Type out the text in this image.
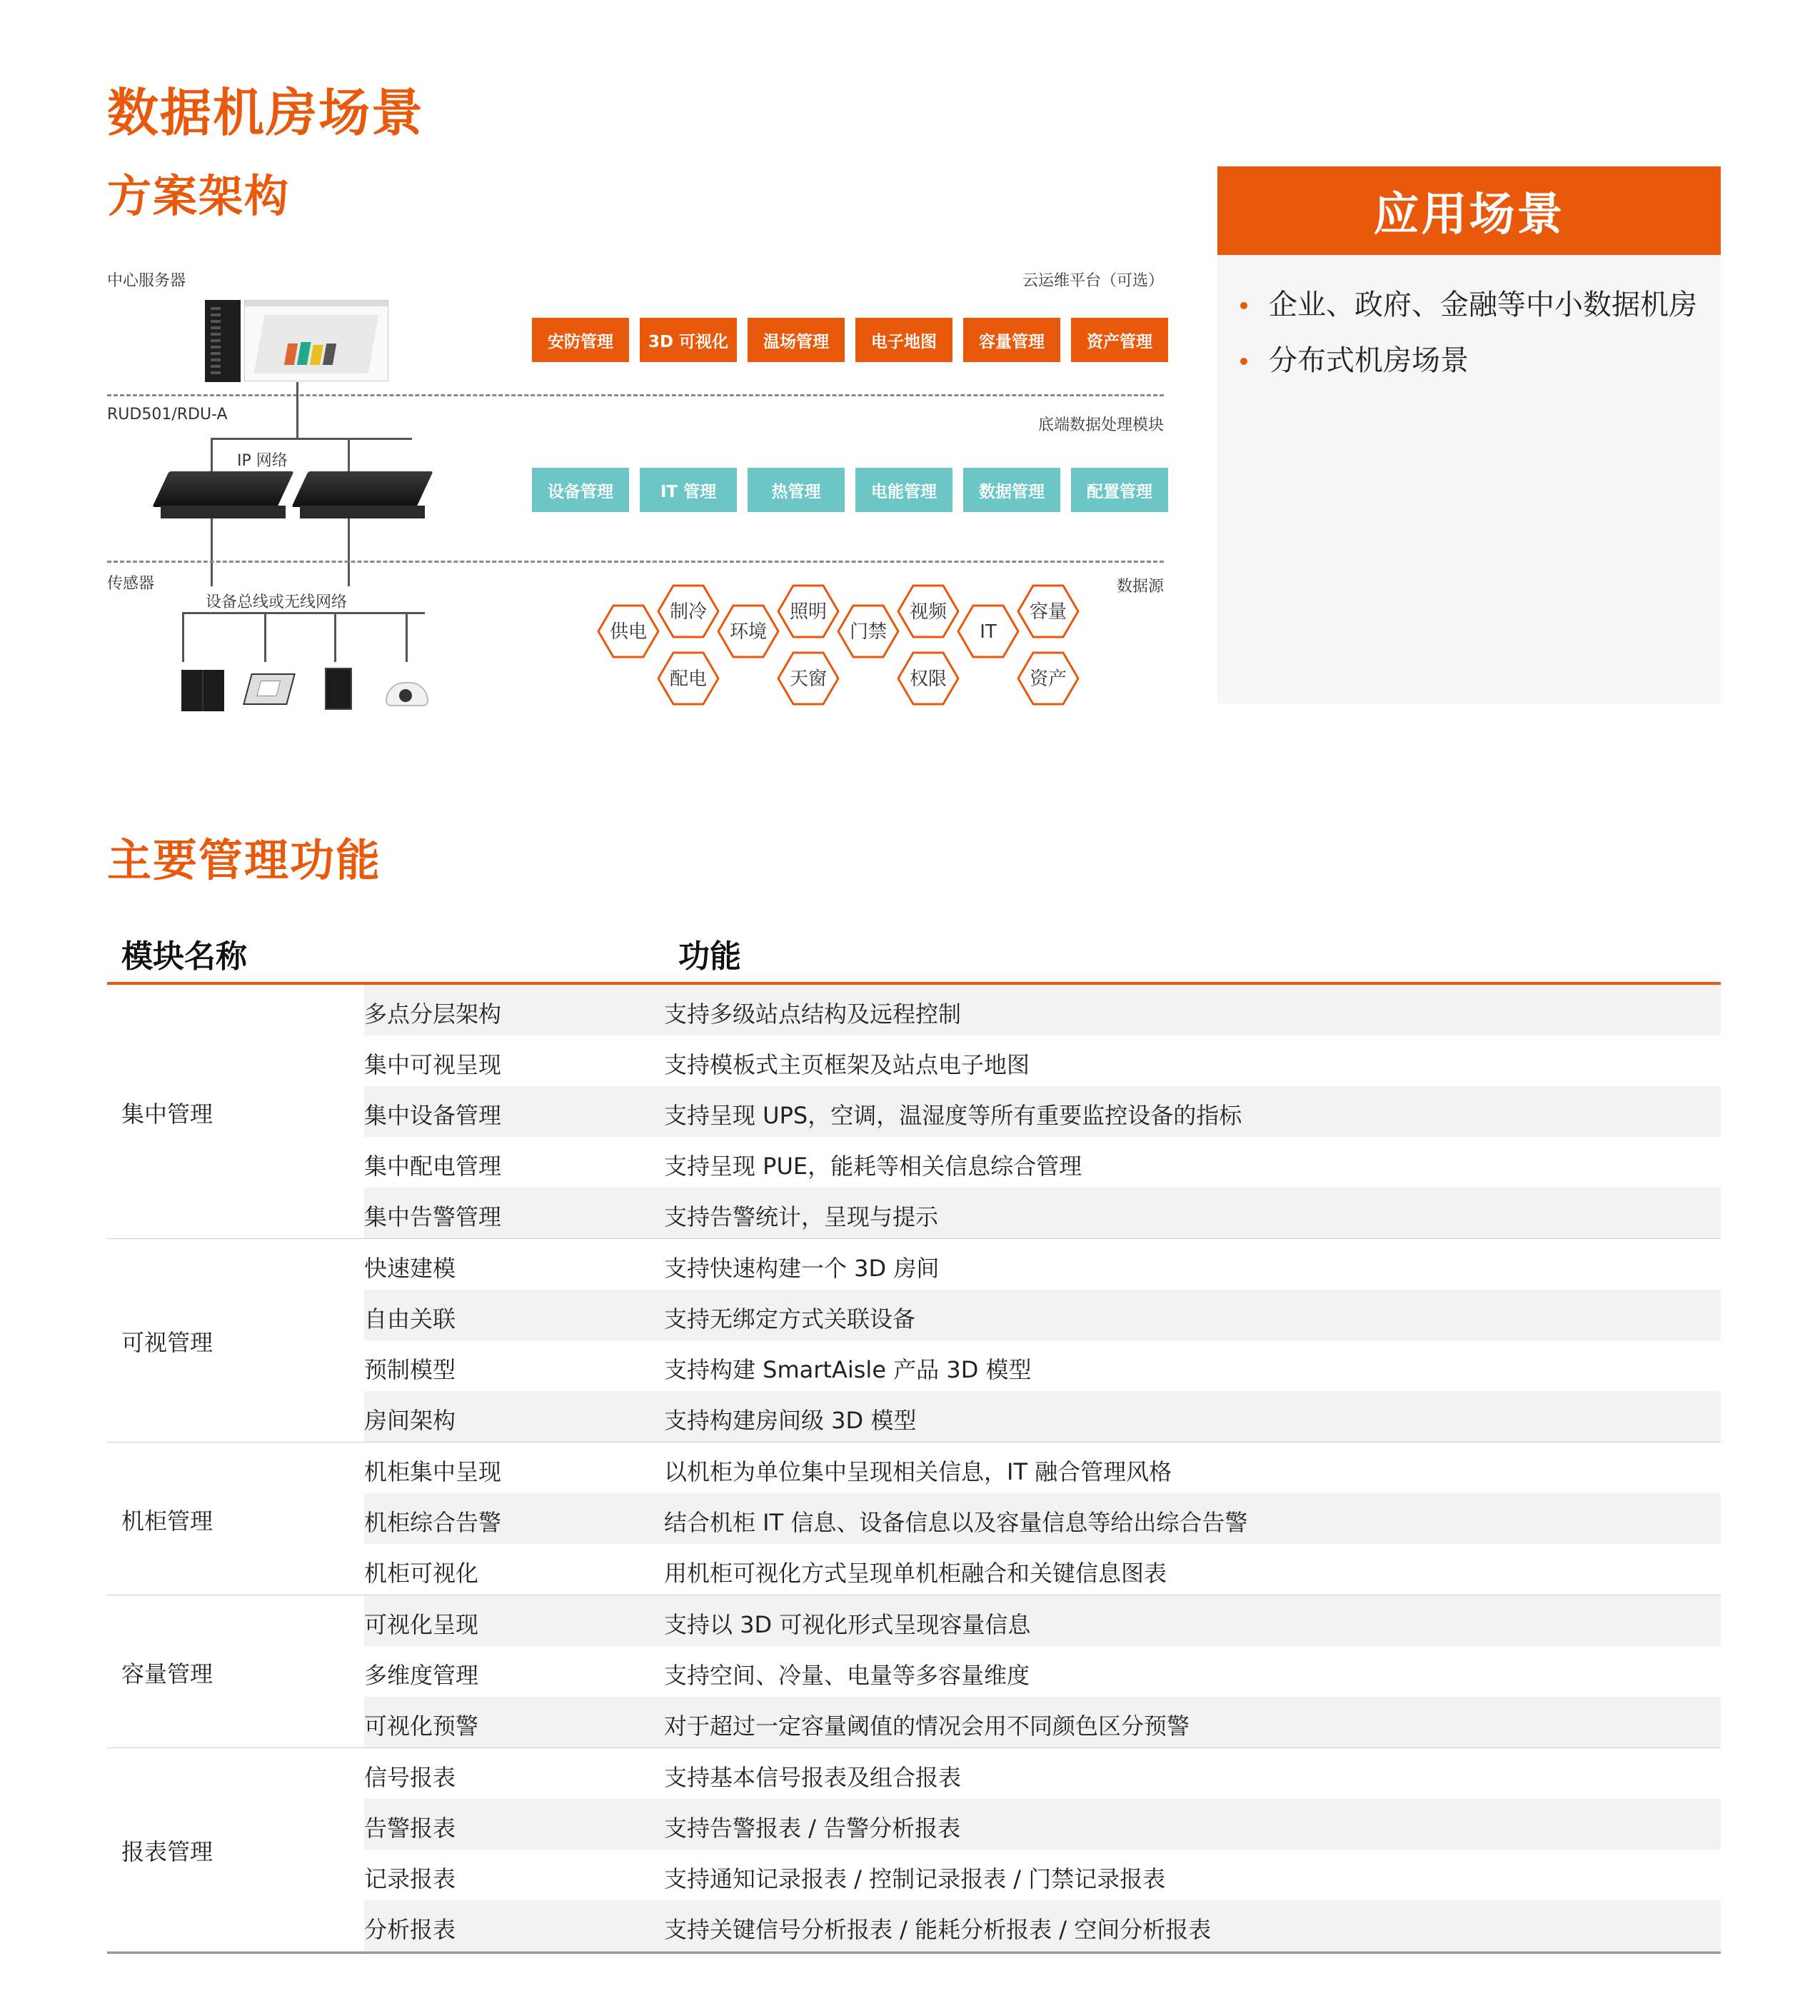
数据机房场景
方案架构
中心服务器	云运维平台（可选）
安防管理	3D 可视化	温场管理	电子地图	容量管理	资产管理
RUD501/RDU-A
底端数据处理模块
IP 网络
设备管理	IT 管理	热管理	电能管理	数据管理	配置管理
传感器	数据源
设备总线或无线网络
供电
制冷
配电
环境
照明
天窗
门禁
视频
权限
IT
容量
资产
应用场景
企业、政府、金融等中小数据机房
分布式机房场景
主要管理功能
模块名称	功能
集中管理
多点分层架构	支持多级站点结构及远程控制
集中可视呈现	支持模板式主页框架及站点电子地图
集中设备管理	支持呈现 UPS，空调，温湿度等所有重要监控设备的指标
集中配电管理	支持呈现 PUE，能耗等相关信息综合管理
集中告警管理	支持告警统计，呈现与提示
可视管理
快速建模	支持快速构建一个 3D 房间
自由关联	支持无绑定方式关联设备
预制模型	支持构建 SmartAisle 产品 3D 模型
房间架构	支持构建房间级 3D 模型
机柜管理
机柜集中呈现	以机柜为单位集中呈现相关信息，IT 融合管理风格
机柜综合告警	结合机柜 IT 信息、设备信息以及容量信息等给出综合告警
机柜可视化	用机柜可视化方式呈现单机柜融合和关键信息图表
容量管理
可视化呈现	支持以 3D 可视化形式呈现容量信息
多维度管理	支持空间、冷量、电量等多容量维度
可视化预警	对于超过一定容量阈值的情况会用不同颜色区分预警
报表管理
信号报表	支持基本信号报表及组合报表
告警报表	支持告警报表 / 告警分析报表
记录报表	支持通知记录报表 / 控制记录报表 / 门禁记录报表
分析报表	支持关键信号分析报表 / 能耗分析报表 / 空间分析报表
